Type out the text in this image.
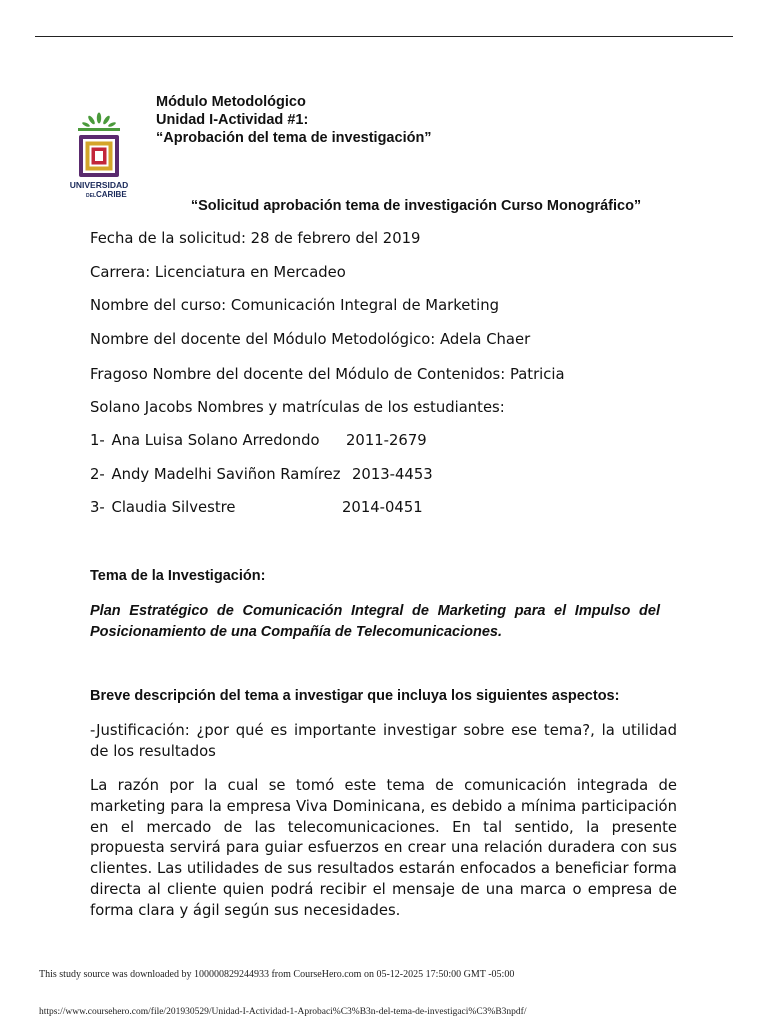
UNIVERSIDAD
DEL CARIBE
Módulo Metodológico
Unidad I-Actividad #1:
“Aprobación del tema de investigación”
“Solicitud aprobación tema de investigación Curso Monográfico”
Fecha de la solicitud: 28 de febrero del 2019
Carrera: Licenciatura en Mercadeo
Nombre del curso: Comunicación Integral de Marketing
Nombre del docente del Módulo Metodológico: Adela Chaer
Fragoso Nombre del docente del Módulo de Contenidos: Patricia
Solano Jacobs Nombres y matrículas de los estudiantes:
1- Ana Luisa Solano Arredondo 2011-2679
2- Andy Madelhi Saviñon Ramírez 2013-4453
3- Claudia Silvestre	2014-0451
Tema de la Investigación:
Plan Estratégico de Comunicación Integral de Marketing para el Impulso del Posicionamiento de una Compañía de Telecomunicaciones.
Breve descripción del tema a investigar que incluya los siguientes aspectos:
-Justificación: ¿por qué es importante investigar sobre ese tema?, la utilidad de los resultados
La razón por la cual se tomó este tema de comunicación integrada de marketing para la empresa Viva Dominicana, es debido a mínima participación en el mercado de las telecomunicaciones. En tal sentido, la presente propuesta servirá para guiar esfuerzos en crear una relación duradera con sus clientes. Las utilidades de sus resultados estarán enfocados a beneficiar forma directa al cliente quien podrá recibir el mensaje de una marca o empresa de forma clara y ágil según sus necesidades.
This study source was downloaded by 100000829244933 from CourseHero.com on 05-12-2025 17:50:00 GMT -05:00
https://www.coursehero.com/file/201930529/Unidad-I-Actividad-1-Aprobaci%C3%B3n-del-tema-de-investigaci%C3%B3npdf/
